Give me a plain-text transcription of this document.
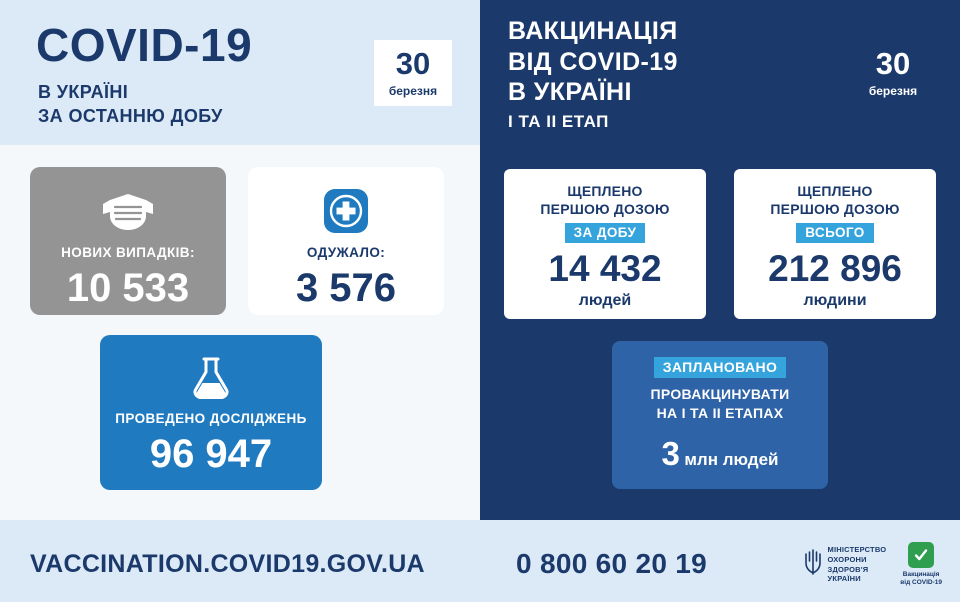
COVID-19
В УКРАЇНІ
ЗА ОСТАННЮ ДОБУ
30
березня
ВАКЦИНАЦІЯ
ВІД COVID-19
В УКРАЇНІ
I ТА II ЕТАП
30
березня
НОВИХ ВИПАДКІВ:
10 533
ОДУЖАЛО:
3 576
ПРОВЕДЕНО ДОСЛІДЖЕНЬ
96 947
ЩЕПЛЕНО
ПЕРШОЮ ДОЗОЮ
ЗА ДОБУ
14 432
людей
ЩЕПЛЕНО
ПЕРШОЮ ДОЗОЮ
ВСЬОГО
212 896
людини
ЗАПЛАНОВАНО
ПРОВАКЦИНУВАТИ
НА I ТА II ЕТАПАХ
3 млн людей
VACCINATION.COVID19.GOV.UA	0 800 60 20 19	МІНІСТЕРСТВО
ОХОРОНИ
ЗДОРОВ'Я
УКРАЇНИ	Вакцинація
від COVID-19
